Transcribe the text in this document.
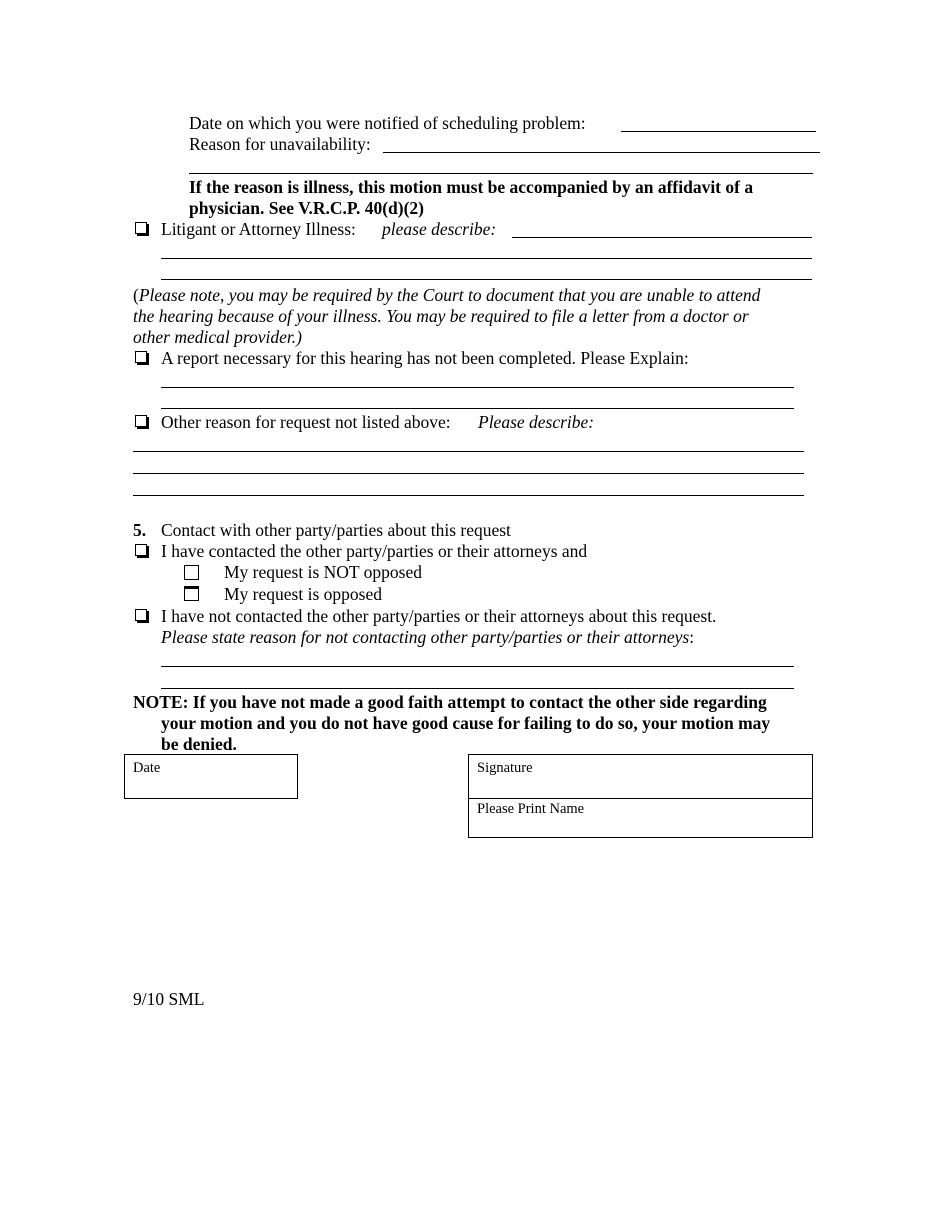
Date on which you were notified of scheduling problem:
Reason for unavailability:
If the reason is illness, this motion must be accompanied by an affidavit of a
physician. See V.R.C.P. 40(d)(2)
Litigant or Attorney Illness: please describe:
(Please note, you may be required by the Court to document that you are unable to attend
the hearing because of your illness. You may be required to file a letter from a doctor or
other medical provider.)
A report necessary for this hearing has not been completed. Please Explain:
Other reason for request not listed above: Please describe:
5. Contact with other party/parties about this request
I have contacted the other party/parties or their attorneys and
My request is NOT opposed
My request is opposed
I have not contacted the other party/parties or their attorneys about this request.
Please state reason for not contacting other party/parties or their attorneys:
NOTE: If you have not made a good faith attempt to contact the other side regarding
your motion and you do not have good cause for failing to do so, your motion may
be denied.
Date	Signature
Please Print Name
9/10 SML
